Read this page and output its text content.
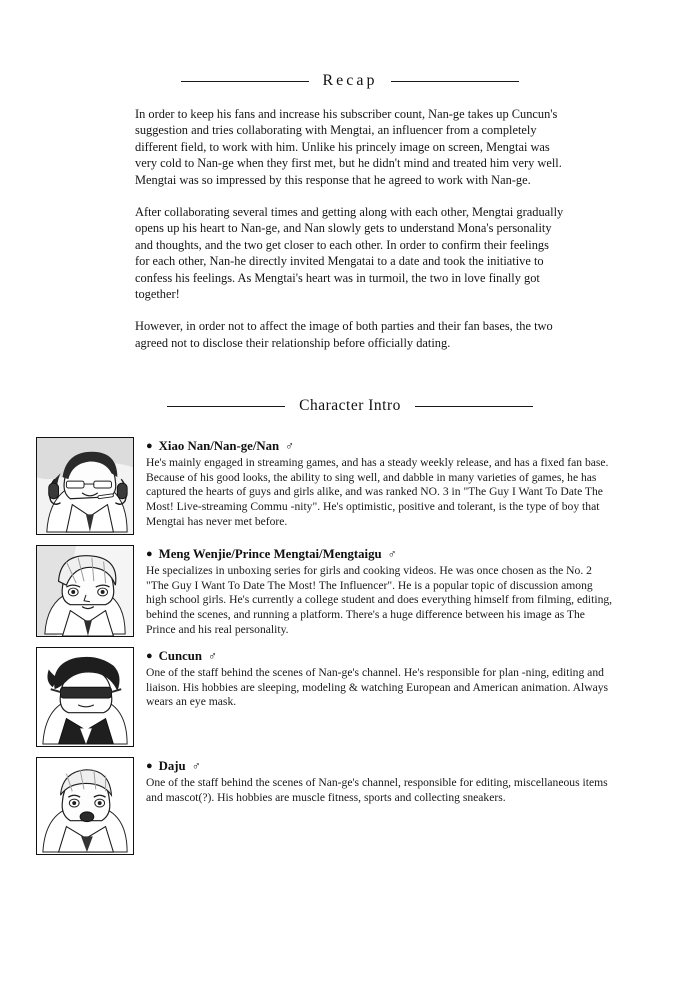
Recap

In order to keep his fans and increase his subscriber count, Nan-ge takes up Cuncun's suggestion and tries collaborating with Mengtai, an influencer from a completely different field, to work with him. Unlike his princely image on screen, Mengtai was very cold to Nan-ge when they first met, but he didn't mind and treated him very well. Mengtai was so impressed by this response that he agreed to work with Nan-ge.

After collaborating several times and getting along with each other, Mengtai gradually opens up his heart to Nan-ge, and Nan slowly gets to understand Mona's personality and thoughts, and the two get closer to each other. In order to confirm their feelings for each other, Nan-he directly invited Mengatai to a date and took the initiative to confess his feelings. As Mengtai's heart was in turmoil, the two in love finally got together!

However, in order not to affect the image of both parties and their fan bases, the two agreed not to disclose their relationship before officially dating.

Character Intro
● Xiao Nan/Nan-ge/Nan ♂

He's mainly engaged in streaming games, and has a steady weekly release, and has a fixed fan base. Because of his good looks, the ability to sing well, and dabble in many varieties of games, he has captured the hearts of guys and girls alike, and was ranked NO. 3 in "The Guy I Want To Date The Most! Live-streaming Commu -nity". He's optimistic, positive and tolerant, is the type of boy that Mengtai has never met before.

● Meng Wenjie/Prince Mengtai/Mengtaigu ♂

He specializes in unboxing series for girls and cooking videos. He was once chosen as the No. 2 "The Guy I Want To Date The Most! The Influencer". He is a popular topic of discussion among high school girls. He's currently a college student and does everything himself from filming, editing, behind the scenes, and running a platform. There's a huge difference between his image as The Prince and his real personality.

● Cuncun ♂

One of the staff behind the scenes of Nan-ge's channel. He's responsible for plan -ning, editing and liaison. His hobbies are sleeping, modeling & watching European and American animation. Always wears an eye mask.

● Daju ♂

One of the staff behind the scenes of Nan-ge's channel, responsible for editing, miscellaneous items and mascot(?). His hobbies are muscle fitness, sports and collecting sneakers.
